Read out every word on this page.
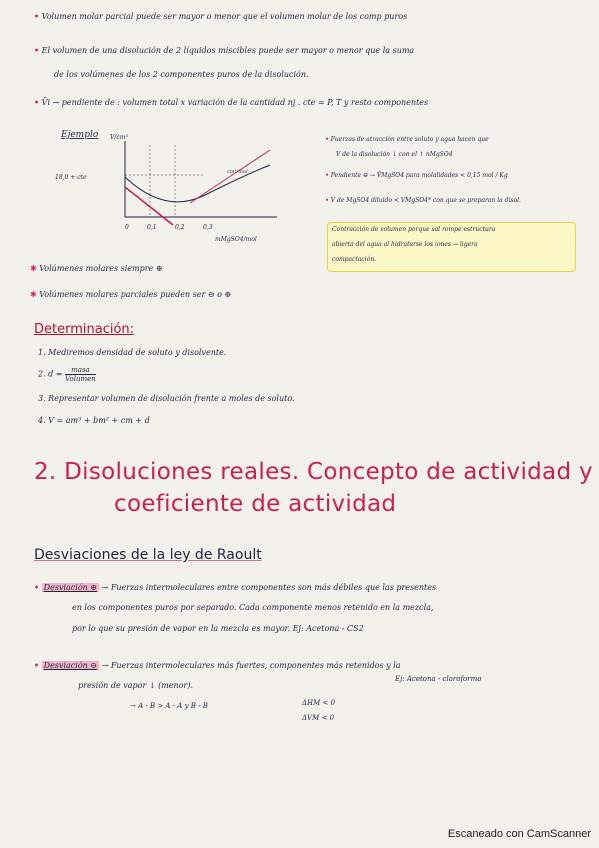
• Volumen molar parcial puede ser mayor o menor que el volumen molar de los comp puros
• El volumen de una disolución de 2 líquidos miscibles puede ser mayor o menor que la suma
de los volúmenes de los 2 componentes puros de la disolución.
• V̄i → pendiente de : volumen total x variación de la cantidad nj . cte = P, T y resto componentes
Ejemplo V/cm³
18,0 + cte
cm³/mol
0	0,1	0,2	0,3
mMgSO4/mol
• Fuerzas de atracción entre soluto y agua hacen que
V de la disolución ↓ con el ↑ nMgSO4
• Pendiente ⊖ → V̄MgSO4 para molalidades < 0,15 mol / Kg
• V de MgSO4 diluido < VMgSO4* con que se preparan la disol.
Contracción de volumen porque sal rompe estructura
abierta del agua al hidratarse los iones → ligera
compactación.
✱ Volúmenes molares siempre ⊕
✱ Volúmenes molares parciales pueden ser ⊖ o ⊕
Determinación:
1. Mediremos densidad de soluto y disolvente.
2. d =	masa
Volumen
3. Representar volumen de disolución frente a moles de soluto.
4. V = am³ + bm² + cm + d
2. Disoluciones reales. Concepto de actividad y
coeficiente de actividad
Desviaciones de la ley de Raoult
• Desviación ⊕ → Fuerzas intermoleculares entre componentes son más débiles que las presentes
en los componentes puros por separado. Cada componente menos retenido en la mezcla,
por lo que su presión de vapor en la mezcla es mayor. Ej: Acetona - CS2
• Desviación ⊖ → Fuerzas intermoleculares más fuertes, componentes más retenidos y la
presión de vapor ↓ (menor).
Ej: Acetona - cloroformo
→ A - B > A - A y B - B	ΔHM < 0
ΔVM < 0
Escaneado con CamScanner
